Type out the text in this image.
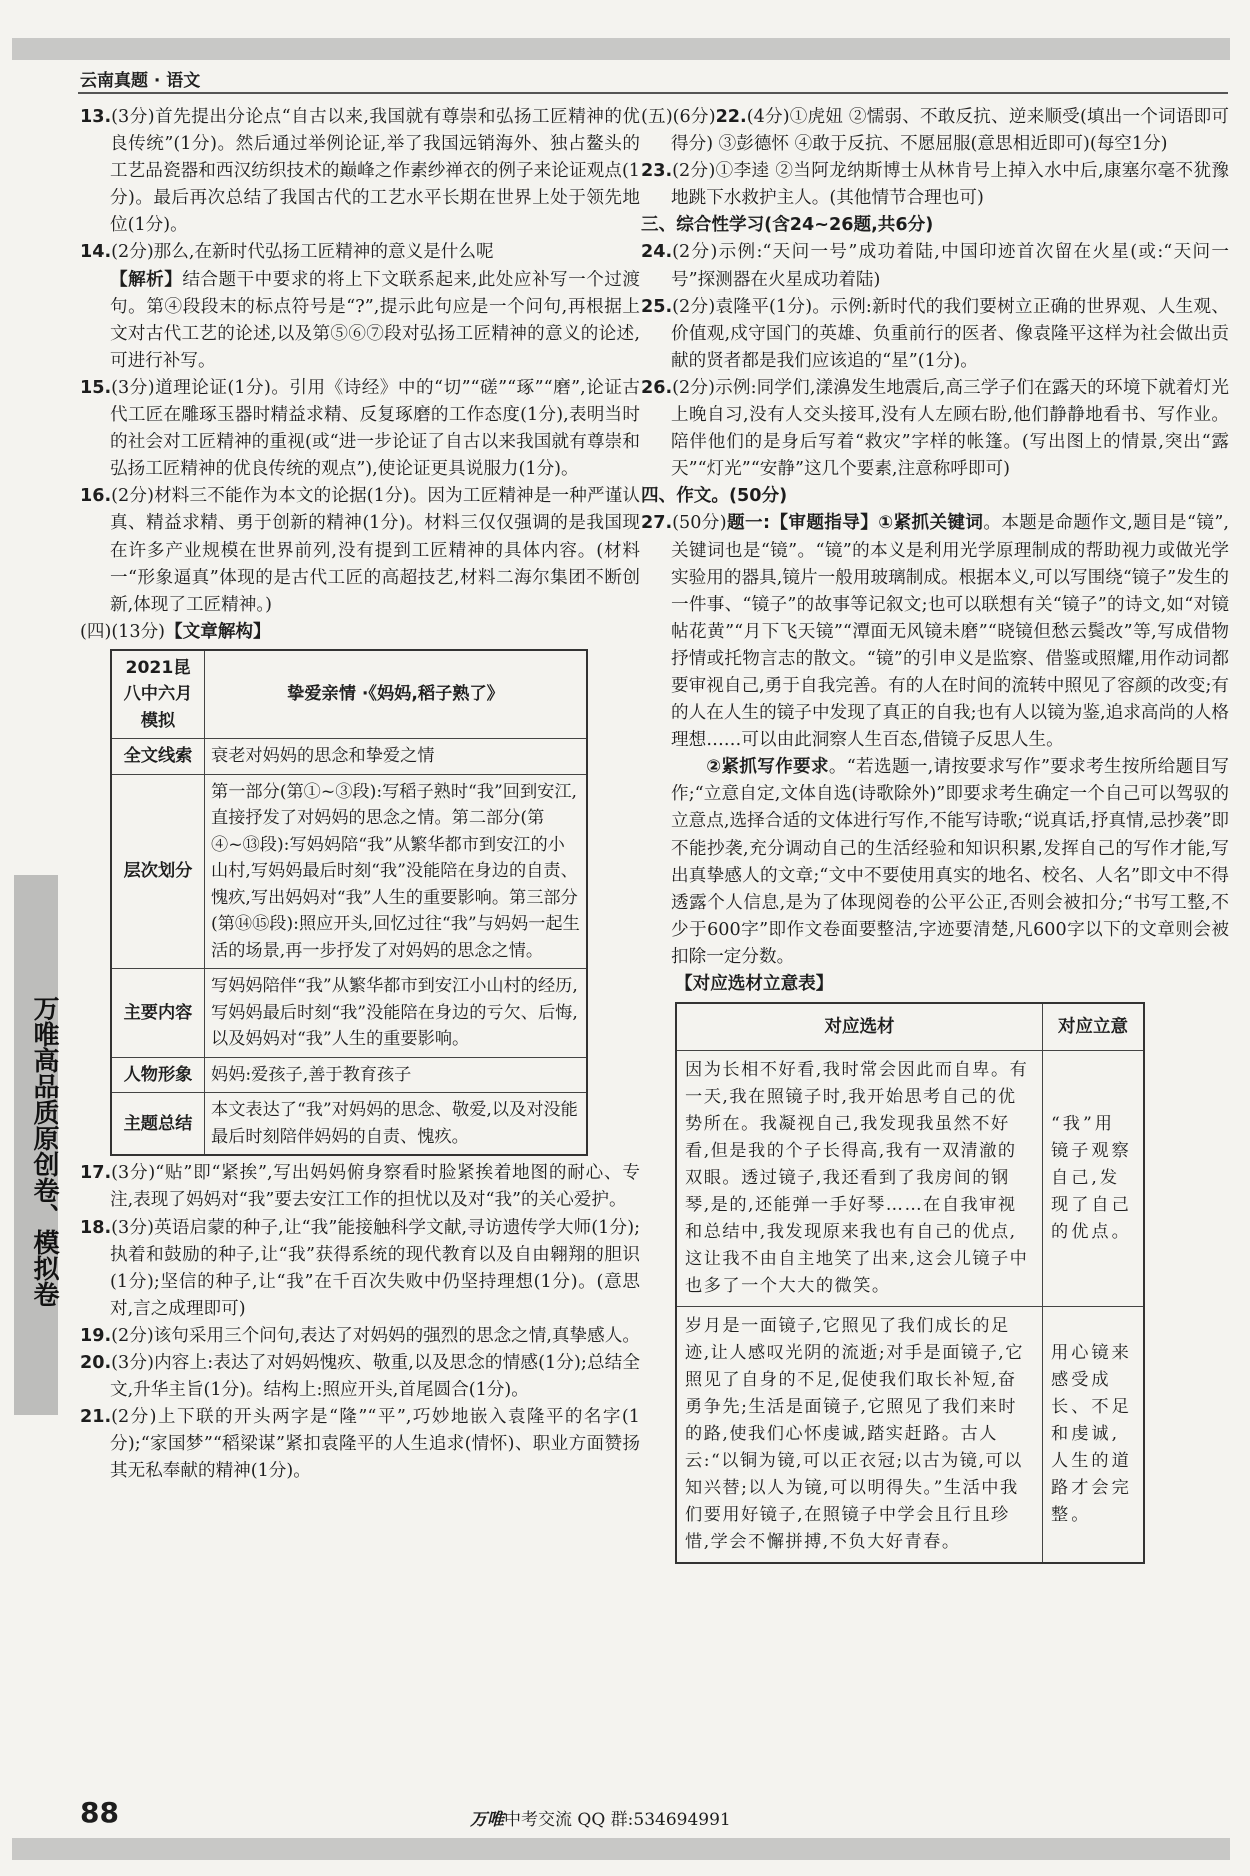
云南真题 · 语文
万唯高品质原创卷、模拟卷

13.(3分)首先提出分论点“自古以来,我国就有尊崇和弘扬工匠精神的优良传统”(1分)。然后通过举例论证,举了我国远销海外、独占鳌头的工艺品瓷器和西汉纺织技术的巅峰之作素纱禅衣的例子来论证观点(1分)。最后再次总结了我国古代的工艺水平长期在世界上处于领先地位(1分)。

14.(2分)那么,在新时代弘扬工匠精神的意义是什么呢

【解析】结合题干中要求的将上下文联系起来,此处应补写一个过渡句。第④段段末的标点符号是“?”,提示此句应是一个问句,再根据上文对古代工艺的论述,以及第⑤⑥⑦段对弘扬工匠精神的意义的论述,可进行补写。

15.(3分)道理论证(1分)。引用《诗经》中的“切”“磋”“琢”“磨”,论证古代工匠在雕琢玉器时精益求精、反复琢磨的工作态度(1分),表明当时的社会对工匠精神的重视(或“进一步论证了自古以来我国就有尊崇和弘扬工匠精神的优良传统的观点”),使论证更具说服力(1分)。

16.(2分)材料三不能作为本文的论据(1分)。因为工匠精神是一种严谨认真、精益求精、勇于创新的精神(1分)。材料三仅仅强调的是我国现在许多产业规模在世界前列,没有提到工匠精神的具体内容。(材料一“形象逼真”体现的是古代工匠的高超技艺,材料二海尔集团不断创新,体现了工匠精神。)

(四)(13分)【文章解构】

2021昆八中六月模拟	挚爱亲情 ·《妈妈,稻子熟了》
全文线索	衰老对妈妈的思念和挚爱之情
层次划分	第一部分(第①~③段):写稻子熟时“我”回到安江,直接抒发了对妈妈的思念之情。第二部分(第④~⑬段):写妈妈陪“我”从繁华都市到安江的小山村,写妈妈最后时刻“我”没能陪在身边的自责、愧疚,写出妈妈对“我”人生的重要影响。第三部分(第⑭⑮段):照应开头,回忆过往“我”与妈妈一起生活的场景,再一步抒发了对妈妈的思念之情。
主要内容	写妈妈陪伴“我”从繁华都市到安江小山村的经历,写妈妈最后时刻“我”没能陪在身边的亏欠、后悔,以及妈妈对“我”人生的重要影响。
人物形象	妈妈:爱孩子,善于教育孩子
主题总结	本文表达了“我”对妈妈的思念、敬爱,以及对没能最后时刻陪伴妈妈的自责、愧疚。

17.(3分)“贴”即“紧挨”,写出妈妈俯身察看时脸紧挨着地图的耐心、专注,表现了妈妈对“我”要去安江工作的担忧以及对“我”的关心爱护。

18.(3分)英语启蒙的种子,让“我”能接触科学文献,寻访遗传学大师(1分);执着和鼓励的种子,让“我”获得系统的现代教育以及自由翱翔的胆识(1分);坚信的种子,让“我”在千百次失败中仍坚持理想(1分)。(意思对,言之成理即可)

19.(2分)该句采用三个问句,表达了对妈妈的强烈的思念之情,真挚感人。

20.(3分)内容上:表达了对妈妈愧疚、敬重,以及思念的情感(1分);总结全文,升华主旨(1分)。结构上:照应开头,首尾圆合(1分)。

21.(2分)上下联的开头两字是“隆”“平”,巧妙地嵌入袁隆平的名字(1分);“家国梦”“稻梁谋”紧扣袁隆平的人生追求(情怀)、职业方面赞扬其无私奉献的精神(1分)。

(五)(6分)22.(4分)①虎妞 ②懦弱、不敢反抗、逆来顺受(填出一个词语即可得分) ③彭德怀 ④敢于反抗、不愿屈服(意思相近即可)(每空1分)

23.(2分)①李逵 ②当阿龙纳斯博士从林肯号上掉入水中后,康塞尔毫不犹豫地跳下水救护主人。(其他情节合理也可)

三、综合性学习(含24~26题,共6分)

24.(2分)示例:“天问一号”成功着陆,中国印迹首次留在火星(或:“天问一号”探测器在火星成功着陆)

25.(2分)袁隆平(1分)。示例:新时代的我们要树立正确的世界观、人生观、价值观,戍守国门的英雄、负重前行的医者、像袁隆平这样为社会做出贡献的贤者都是我们应该追的“星”(1分)。

26.(2分)示例:同学们,漾濞发生地震后,高三学子们在露天的环境下就着灯光上晚自习,没有人交头接耳,没有人左顾右盼,他们静静地看书、写作业。陪伴他们的是身后写着“救灾”字样的帐篷。(写出图上的情景,突出“露天”“灯光”“安静”这几个要素,注意称呼即可)

四、作文。(50分)

27.(50分)题一:【审题指导】①紧抓关键词。本题是命题作文,题目是“镜”,关键词也是“镜”。“镜”的本义是利用光学原理制成的帮助视力或做光学实验用的器具,镜片一般用玻璃制成。根据本义,可以写围绕“镜子”发生的一件事、“镜子”的故事等记叙文;也可以联想有关“镜子”的诗文,如“对镜帖花黄”“月下飞天镜”“潭面无风镜未磨”“晓镜但愁云鬓改”等,写成借物抒情或托物言志的散文。“镜”的引申义是监察、借鉴或照耀,用作动词都要审视自己,勇于自我完善。有的人在时间的流转中照见了容颜的改变;有的人在人生的镜子中发现了真正的自我;也有人以镜为鉴,追求高尚的人格理想……可以由此洞察人生百态,借镜子反思人生。

②紧抓写作要求。“若选题一,请按要求写作”要求考生按所给题目写作;“立意自定,文体自选(诗歌除外)”即要求考生确定一个自己可以驾驭的立意点,选择合适的文体进行写作,不能写诗歌;“说真话,抒真情,忌抄袭”即不能抄袭,充分调动自己的生活经验和知识积累,发挥自己的写作才能,写出真挚感人的文章;“文中不要使用真实的地名、校名、人名”即文中不得透露个人信息,是为了体现阅卷的公平公正,否则会被扣分;“书写工整,不少于600字”即作文卷面要整洁,字迹要清楚,凡600字以下的文章则会被扣除一定分数。

【对应选材立意表】

对应选材	对应立意
因为长相不好看,我时常会因此而自卑。有一天,我在照镜子时,我开始思考自己的优势所在。我凝视自己,我发现我虽然不好看,但是我的个子长得高,我有一双清澈的双眼。透过镜子,我还看到了我房间的钢琴,是的,还能弹一手好琴……在自我审视和总结中,我发现原来我也有自己的优点,这让我不由自主地笑了出来,这会儿镜子中也多了一个大大的微笑。	“我”用镜子观察自己,发现了自己的优点。
岁月是一面镜子,它照见了我们成长的足迹,让人感叹光阴的流逝;对手是面镜子,它照见了自身的不足,促使我们取长补短,奋勇争先;生活是面镜子,它照见了我们来时的路,使我们心怀虔诚,踏实赶路。古人云:“以铜为镜,可以正衣冠;以古为镜,可以知兴替;以人为镜,可以明得失。”生活中我们要用好镜子,在照镜子中学会且行且珍惜,学会不懈拼搏,不负大好青春。	用心镜来感受成长、不足和虔诚,人生的道路才会完整。
88	万唯中考交流 QQ 群:534694991
